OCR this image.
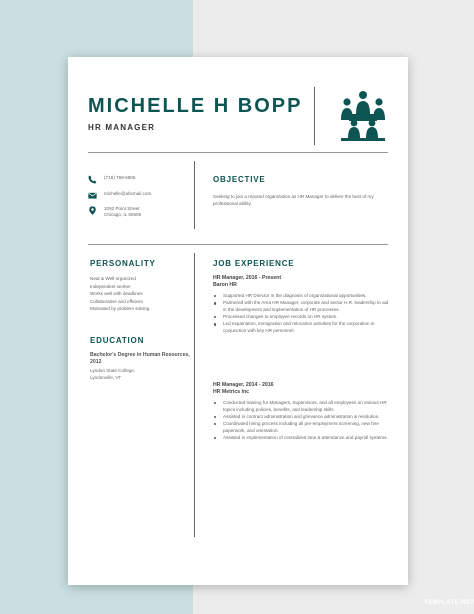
MICHELLE H BOPP
HR MANAGER
(719) 789-5805
michelle@abcmail.com
1092 Point Street
Chicago, IL 60605
OBJECTIVE
Seeking to join a reputed organization as HR Manager to deliver the best of my professional ability.
PERSONALITY
Neat & Well-organized
Independent worker
Works well with deadlines
Collaborative and efficient
Motivated by problem solving
EDUCATION
Bachelor's Degree in Human Resources, 2012
Lyndon State College,
Lyndonville, VT
JOB EXPERIENCE
HR Manager, 2016 - Present
Baron HR
Supported HR Director in the diagnosis of organizational opportunities.
Partnered with the Area HR Manager, corporate and sector H.R. leadership to aid in the development and implementation of HR processes.
Processed changes to employee records on HR system.
Led expatriation, immigration and relocation activities for the corporation in conjunction with key HR personnel.
HR Manager, 2014 - 2016
HR Metrics Inc
Conducted training for Managers, Supervisors, and all employees on various HR topics including policies, benefits, and leadership skills.
Assisted in contract administration and grievance administration & resolution.
Coordinated hiring process including all pre-employment screening, new hire paperwork, and orientation.
Assisted in implementation of centralized time & attendance and payroll systems.
TEMPLATE.NET
